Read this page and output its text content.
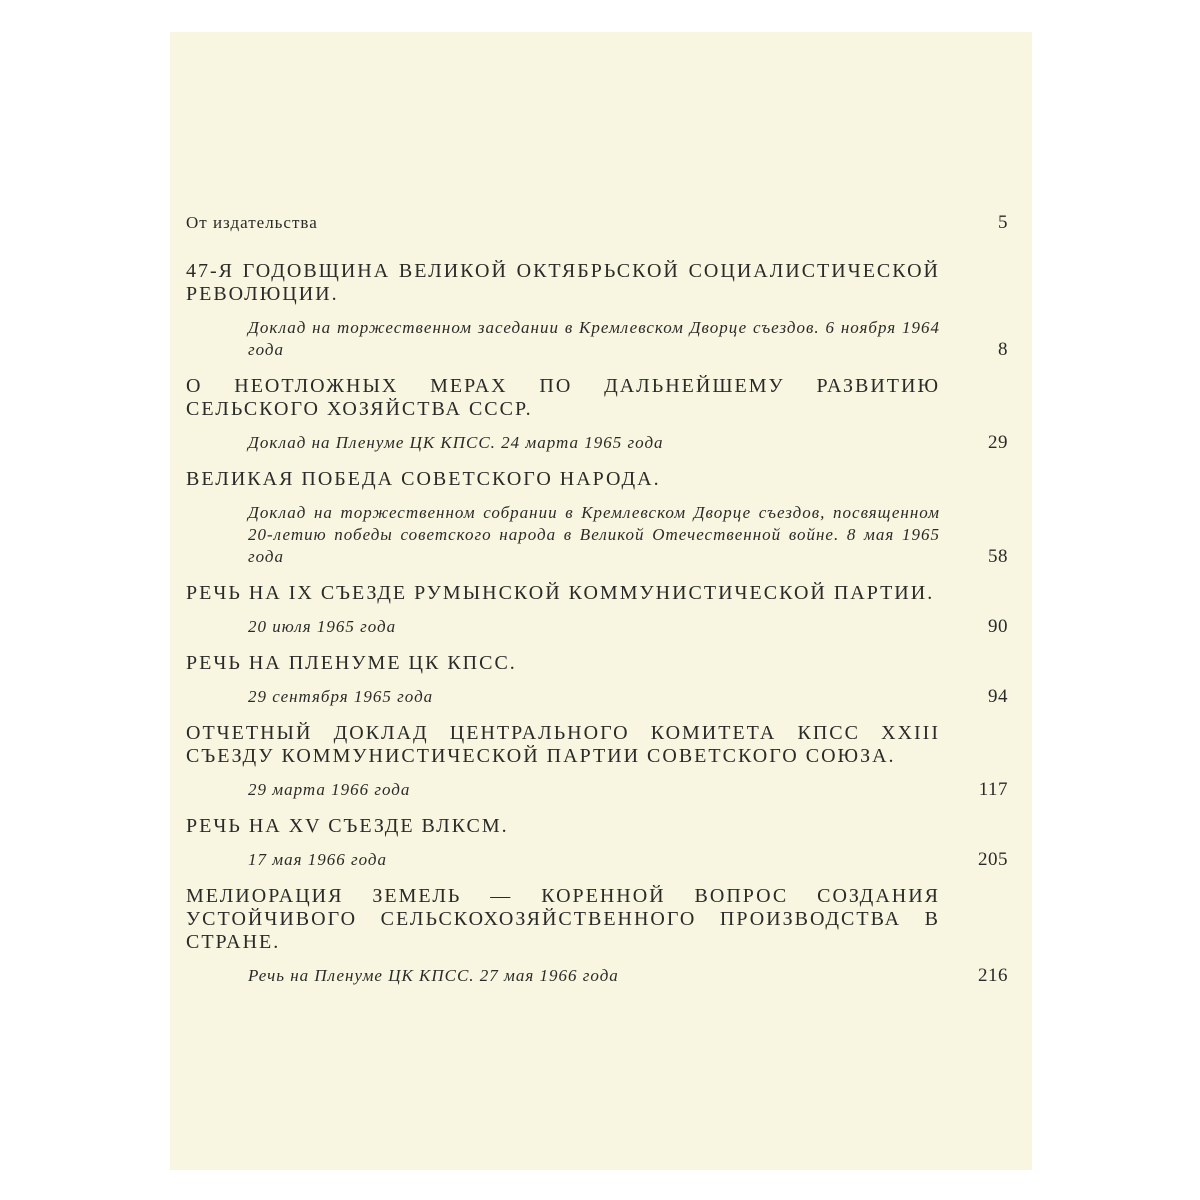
От издательства	5
47-Я ГОДОВЩИНА ВЕЛИКОЙ ОКТЯБРЬСКОЙ СОЦИАЛИСТИЧЕСКОЙ РЕВОЛЮЦИИ.
Доклад на торжественном заседании в Кремлевском Дворце съездов. 6 ноября 1964 года	8
О НЕОТЛОЖНЫХ МЕРАХ ПО ДАЛЬНЕЙШЕМУ РАЗВИТИЮ СЕЛЬСКОГО ХОЗЯЙСТВА СССР.
Доклад на Пленуме ЦК КПСС. 24 марта 1965 года	29
ВЕЛИКАЯ ПОБЕДА СОВЕТСКОГО НАРОДА.
Доклад на торжественном собрании в Кремлевском Дворце съездов, посвященном 20-летию победы советского народа в Великой Отечественной войне. 8 мая 1965 года	58
РЕЧЬ НА IX СЪЕЗДЕ РУМЫНСКОЙ КОММУНИСТИЧЕСКОЙ ПАРТИИ.
20 июля 1965 года	90
РЕЧЬ НА ПЛЕНУМЕ ЦК КПСС.
29 сентября 1965 года	94
ОТЧЕТНЫЙ ДОКЛАД ЦЕНТРАЛЬНОГО КОМИТЕТА КПСС XXIII СЪЕЗДУ КОММУНИСТИЧЕСКОЙ ПАРТИИ СОВЕТСКОГО СОЮЗА.
29 марта 1966 года	117
РЕЧЬ НА XV СЪЕЗДЕ ВЛКСМ.
17 мая 1966 года	205
МЕЛИОРАЦИЯ ЗЕМЕЛЬ — КОРЕННОЙ ВОПРОС СОЗДАНИЯ УСТОЙЧИВОГО СЕЛЬСКОХОЗЯЙСТВЕННОГО ПРОИЗВОДСТВА В СТРАНЕ.
Речь на Пленуме ЦК КПСС. 27 мая 1966 года	216
